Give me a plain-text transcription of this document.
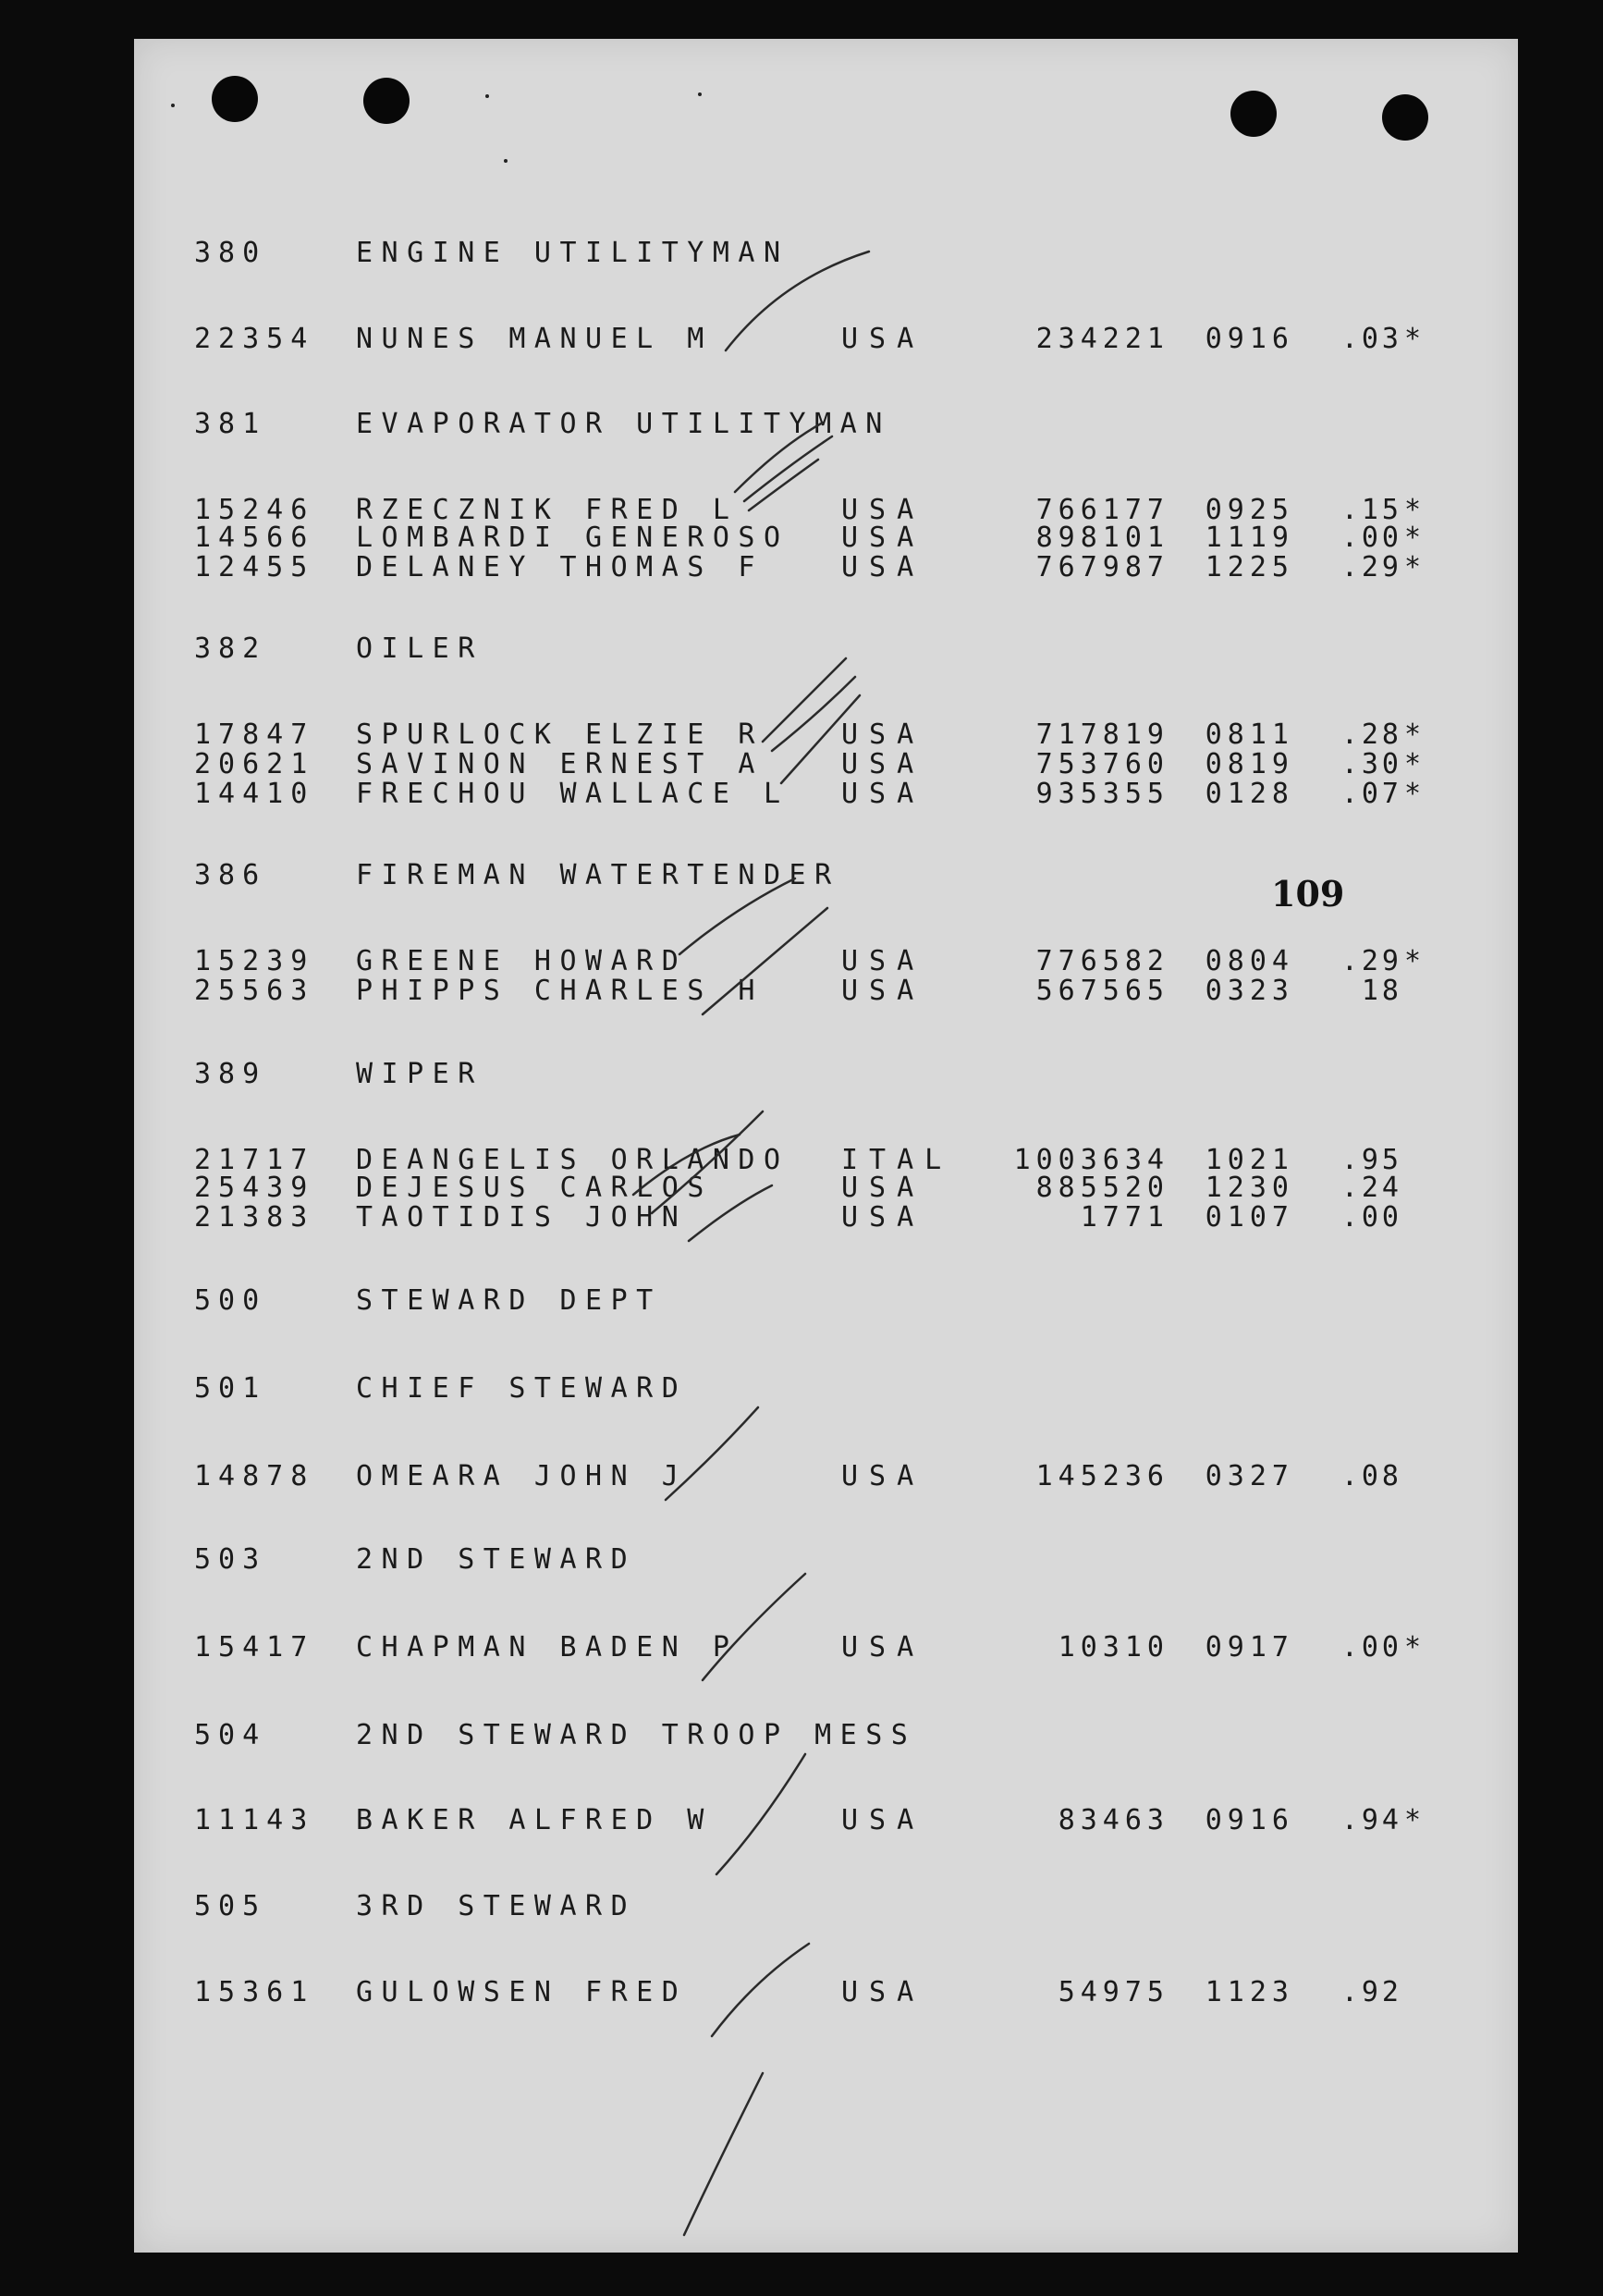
109
380	ENGINE UTILITYMAN
22354 NUNES MANUEL M	USA	234221	0916	.03 *
381	EVAPORATOR UTILITYMAN
15246 RZECZNIK FRED L	USA	766177	0925	.15 *
14566 LOMBARDI GENEROSO USA	898101	1119	.00 *
12455 DELANEY THOMAS F	USA	767987	1225	.29 *
382	OILER
17847 SPURLOCK ELZIE R	USA	717819	0811	.28 *
20621 SAVINON ERNEST A	USA	753760	0819	.30 *
14410 FRECHOU WALLACE L USA	935355	0128	.07 *
386	FIREMAN WATERTENDER
15239 GREENE HOWARD	USA	776582	0804	.29 *
25563 PHIPPS CHARLES H	USA	567565	0323	18
389	WIPER
21717 DEANGELIS ORLANDO ITAL	1003634	1021	.95
25439 DEJESUS CARLOS	USA	885520	1230	.24
21383 TAOTIDIS JOHN	USA	1771	0107	.00
500	STEWARD DEPT
501	CHIEF STEWARD
14878 OMEARA JOHN J	USA	145236	0327	.08
503	2ND STEWARD
15417 CHAPMAN BADEN P	USA	10310	0917	.00 *
504	2ND STEWARD TROOP MESS
11143 BAKER ALFRED W	USA	83463	0916	.94 *
505	3RD STEWARD
15361 GULOWSEN FRED	USA	54975	1123	.92
